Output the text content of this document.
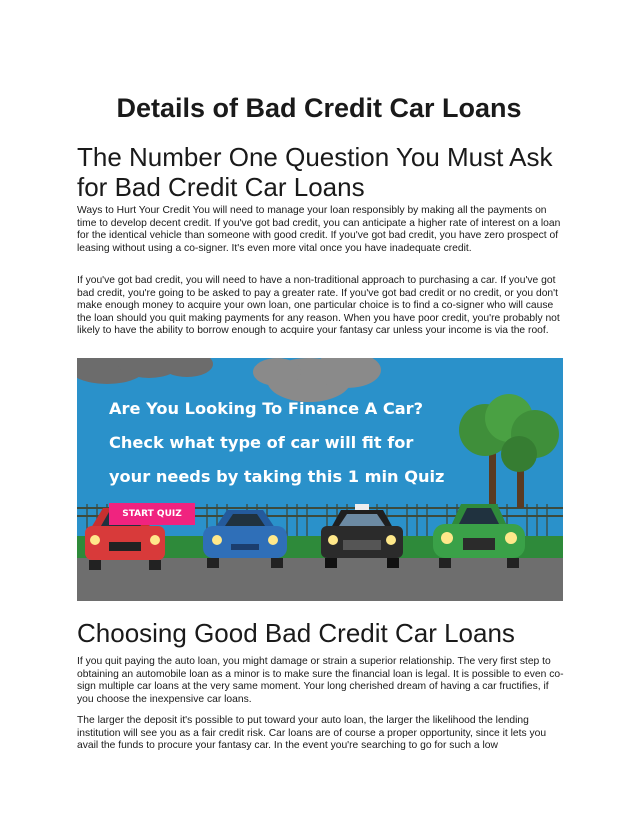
Details of Bad Credit Car Loans
The Number One Question You Must Ask for Bad Credit Car Loans

Ways to Hurt Your Credit You will need to manage your loan responsibly by making all the payments on time to develop decent credit. If you've got bad credit, you can anticipate a higher rate of interest on a loan for the identical vehicle than someone with good credit. If you've got bad credit, you have zero prospect of leasing without using a co-signer. It's even more vital once you have inadequate credit.

If you've got bad credit, you will need to have a non-traditional approach to purchasing a car. If you've got bad credit, you're going to be asked to pay a greater rate. If you've got bad credit or no credit, or you don't make enough money to acquire your own loan, one particular choice is to find a co-signer who will cause the loan should you quit making payments for any reason. When you have poor credit, you're probably not likely to have the ability to borrow enough to acquire your fantasy car unless your income is via the roof.

Are You Looking To Finance A Car?
Check what type of car will fit for
your needs by taking this 1 min Quiz
START QUIZ
Choosing Good Bad Credit Car Loans

If you quit paying the auto loan, you might damage or strain a superior relationship. The very first step to obtaining an automobile loan as a minor is to make sure the financial loan is legal. It is possible to even co-sign multiple car loans at the very same moment. Your long cherished dream of having a car fructifies, if you choose the inexpensive car loans.

The larger the deposit it's possible to put toward your auto loan, the larger the likelihood the lending institution will see you as a fair credit risk. Car loans are of course a proper opportunity, since it lets you avail the funds to procure your fantasy car. In the event you're searching to go for such a low
